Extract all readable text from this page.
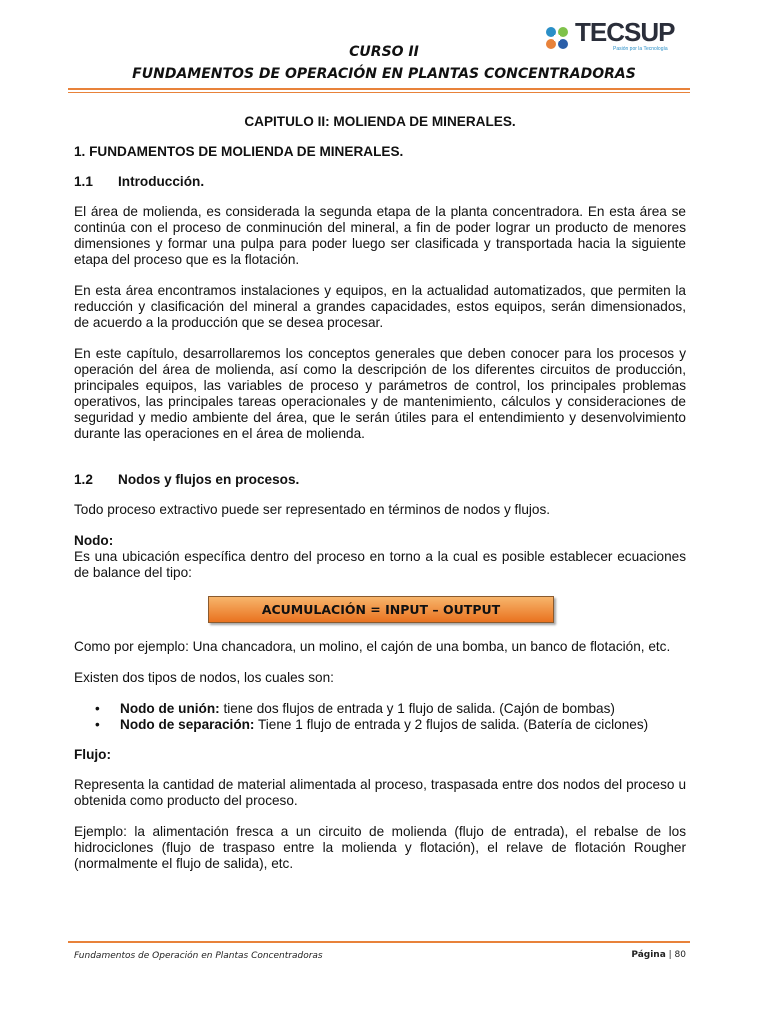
CURSO II
FUNDAMENTOS DE OPERACIÓN EN PLANTAS CONCENTRADORAS
TECSUP
Pasión por la Tecnología
CAPITULO II: MOLIENDA DE MINERALES.
1. FUNDAMENTOS DE MOLIENDA DE MINERALES.
1.1 Introducción.

El área de molienda, es considerada la segunda etapa de la planta concentradora. En esta área se continúa con el proceso de conminución del mineral, a fin de poder lograr un producto de menores dimensiones y formar una pulpa para poder luego ser clasificada y transportada hacia la siguiente etapa del proceso que es la flotación.

En esta área encontramos instalaciones y equipos, en la actualidad automatizados, que permiten la reducción y clasificación del mineral a grandes capacidades, estos equipos, serán dimensionados, de acuerdo a la producción que se desea procesar.

En este capítulo, desarrollaremos los conceptos generales que deben conocer para los procesos y operación del área de molienda, así como la descripción de los diferentes circuitos de producción, principales equipos, las variables de proceso y parámetros de control, los principales problemas operativos, las principales tareas operacionales y de mantenimiento, cálculos y consideraciones de seguridad y medio ambiente del área, que le serán útiles para el entendimiento y desenvolvimiento durante las operaciones en el área de molienda.

1.2 Nodos y flujos en procesos.

Todo proceso extractivo puede ser representado en términos de nodos y flujos.

Nodo:

Es una ubicación específica dentro del proceso en torno a la cual es posible establecer ecuaciones de balance del tipo:

ACUMULACIÓN = INPUT – OUTPUT

Como por ejemplo: Una chancadora, un molino, el cajón de una bomba, un banco de flotación, etc.

Existen dos tipos de nodos, los cuales son:

• Nodo de unión: tiene dos flujos de entrada y 1 flujo de salida. (Cajón de bombas)
• Nodo de separación: Tiene 1 flujo de entrada y 2 flujos de salida. (Batería de ciclones)
Flujo:

Representa la cantidad de material alimentada al proceso, traspasada entre dos nodos del proceso u obtenida como producto del proceso.

Ejemplo: la alimentación fresca a un circuito de molienda (flujo de entrada), el rebalse de los hidrociclones (flujo de traspaso entre la molienda y flotación), el relave de flotación Rougher (normalmente el flujo de salida), etc.

Fundamentos de Operación en Plantas Concentradoras	Página | 80
